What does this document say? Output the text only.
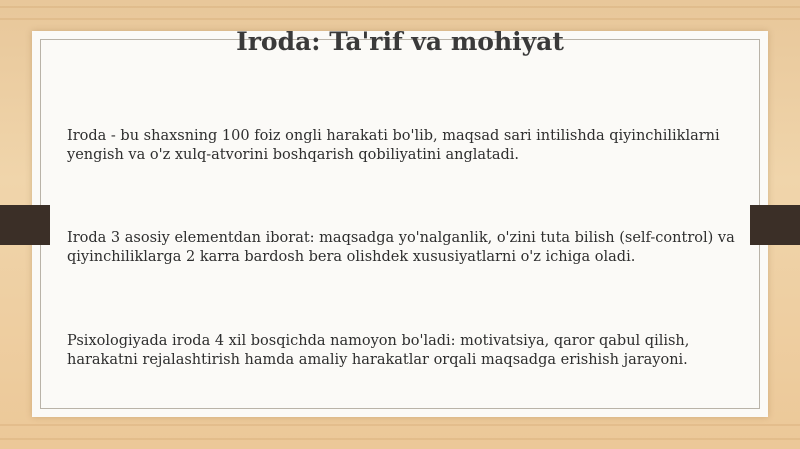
Iroda: Ta'rif va mohiyat

Iroda - bu shaxsning 100 foiz ongli harakati bo'lib, maqsad sari intilishda qiyinchiliklarni yengish va o'z xulq-atvorini boshqarish qobiliyatini anglatadi.

Iroda 3 asosiy elementdan iborat: maqsadga yo'nalganlik, o'zini tuta bilish (self-control) va qiyinchiliklarga 2 karra bardosh bera olishdek xususiyatlarni o'z ichiga oladi.

Psixologiyada iroda 4 xil bosqichda namoyon bo'ladi: motivatsiya, qaror qabul qilish, harakatni rejalashtirish hamda amaliy harakatlar orqali maqsadga erishish jarayoni.
